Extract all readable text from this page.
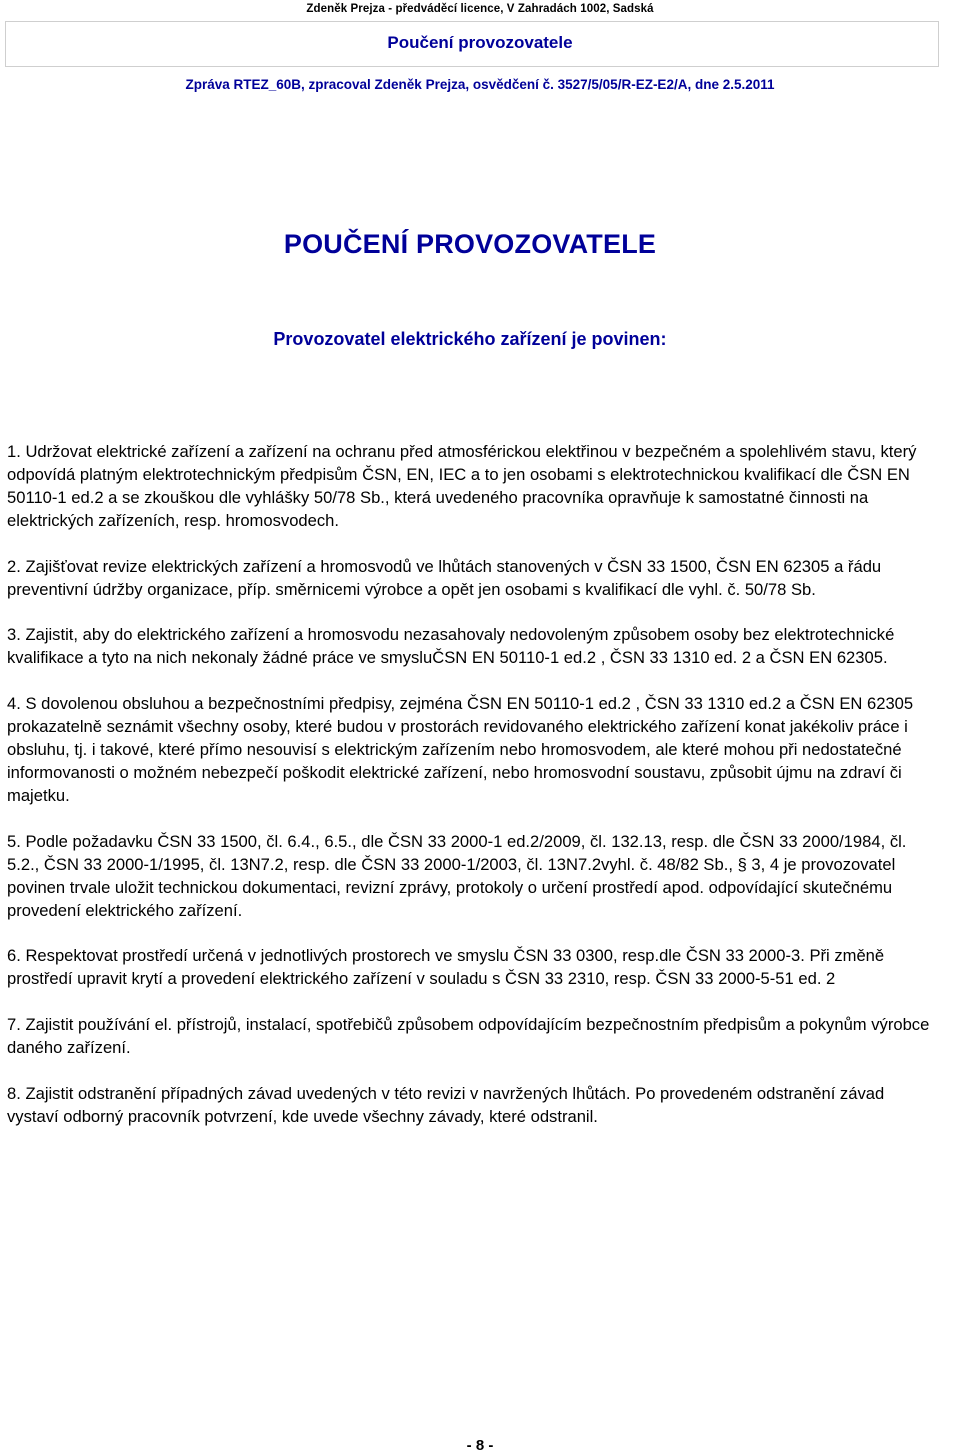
Zdeněk Prejza - předváděcí licence, V Zahradách 1002, Sadská
Poučení provozovatele
Zpráva RTEZ_60B, zpracoval Zdeněk Prejza, osvědčení č. 3527/5/05/R-EZ-E2/A, dne 2.5.2011
POUČENÍ PROVOZOVATELE
Provozovatel elektrického zařízení je povinen:

1. Udržovat elektrické zařízení a zařízení na ochranu před atmosférickou elektřinou v bezpečném a spolehlivém stavu, který odpovídá platným elektrotechnickým předpisům ČSN, EN, IEC a to jen osobami s elektrotechnickou kvalifikací dle ČSN EN 50110-1 ed.2 a se zkouškou dle vyhlášky 50/78 Sb., která uvedeného pracovníka opravňuje k samostatné činnosti na elektrických zařízeních, resp. hromosvodech.

2. Zajišťovat revize elektrických zařízení a hromosvodů ve lhůtách stanovených v ČSN 33 1500, ČSN EN 62305 a řádu preventivní údržby organizace, příp. směrnicemi výrobce a opět jen osobami s kvalifikací dle vyhl. č. 50/78 Sb.

3. Zajistit, aby do elektrického zařízení a hromosvodu nezasahovaly nedovoleným způsobem osoby bez elektrotechnické kvalifikace a tyto na nich nekonaly žádné práce ve smysluČSN EN 50110-1 ed.2 , ČSN 33 1310 ed. 2 a ČSN EN 62305.

4. S dovolenou obsluhou a bezpečnostními předpisy, zejména ČSN EN 50110-1 ed.2 , ČSN 33 1310 ed.2 a ČSN EN 62305 prokazatelně seznámit všechny osoby, které budou v prostorách revidovaného elektrického zařízení konat jakékoliv práce i obsluhu, tj. i takové, které přímo nesouvisí s elektrickým zařízením nebo hromosvodem, ale které mohou při nedostatečné informovanosti o možném nebezpečí poškodit elektrické zařízení, nebo hromosvodní soustavu, způsobit újmu na zdraví či majetku.

5. Podle požadavku ČSN 33 1500, čl. 6.4., 6.5., dle ČSN 33 2000-1 ed.2/2009, čl. 132.13, resp. dle ČSN 33 2000/1984, čl. 5.2., ČSN 33 2000-1/1995, čl. 13N7.2, resp. dle ČSN 33 2000-1/2003, čl. 13N7.2vyhl. č. 48/82 Sb., § 3, 4 je provozovatel povinen trvale uložit technickou dokumentaci, revizní zprávy, protokoly o určení prostředí apod. odpovídající skutečnému provedení elektrického zařízení.

6. Respektovat prostředí určená v jednotlivých prostorech ve smyslu ČSN 33 0300, resp.dle ČSN 33 2000-3. Při změně prostředí upravit krytí a provedení elektrického zařízení v souladu s ČSN 33 2310, resp. ČSN 33 2000-5-51 ed. 2

7. Zajistit používání el. přístrojů, instalací, spotřebičů způsobem odpovídajícím bezpečnostním předpisům a pokynům výrobce daného zařízení.

8. Zajistit odstranění případných závad uvedených v této revizi v navržených lhůtách. Po provedeném odstranění závad vystaví odborný pracovník potvrzení, kde uvede všechny závady, které odstranil.

- 8 -
